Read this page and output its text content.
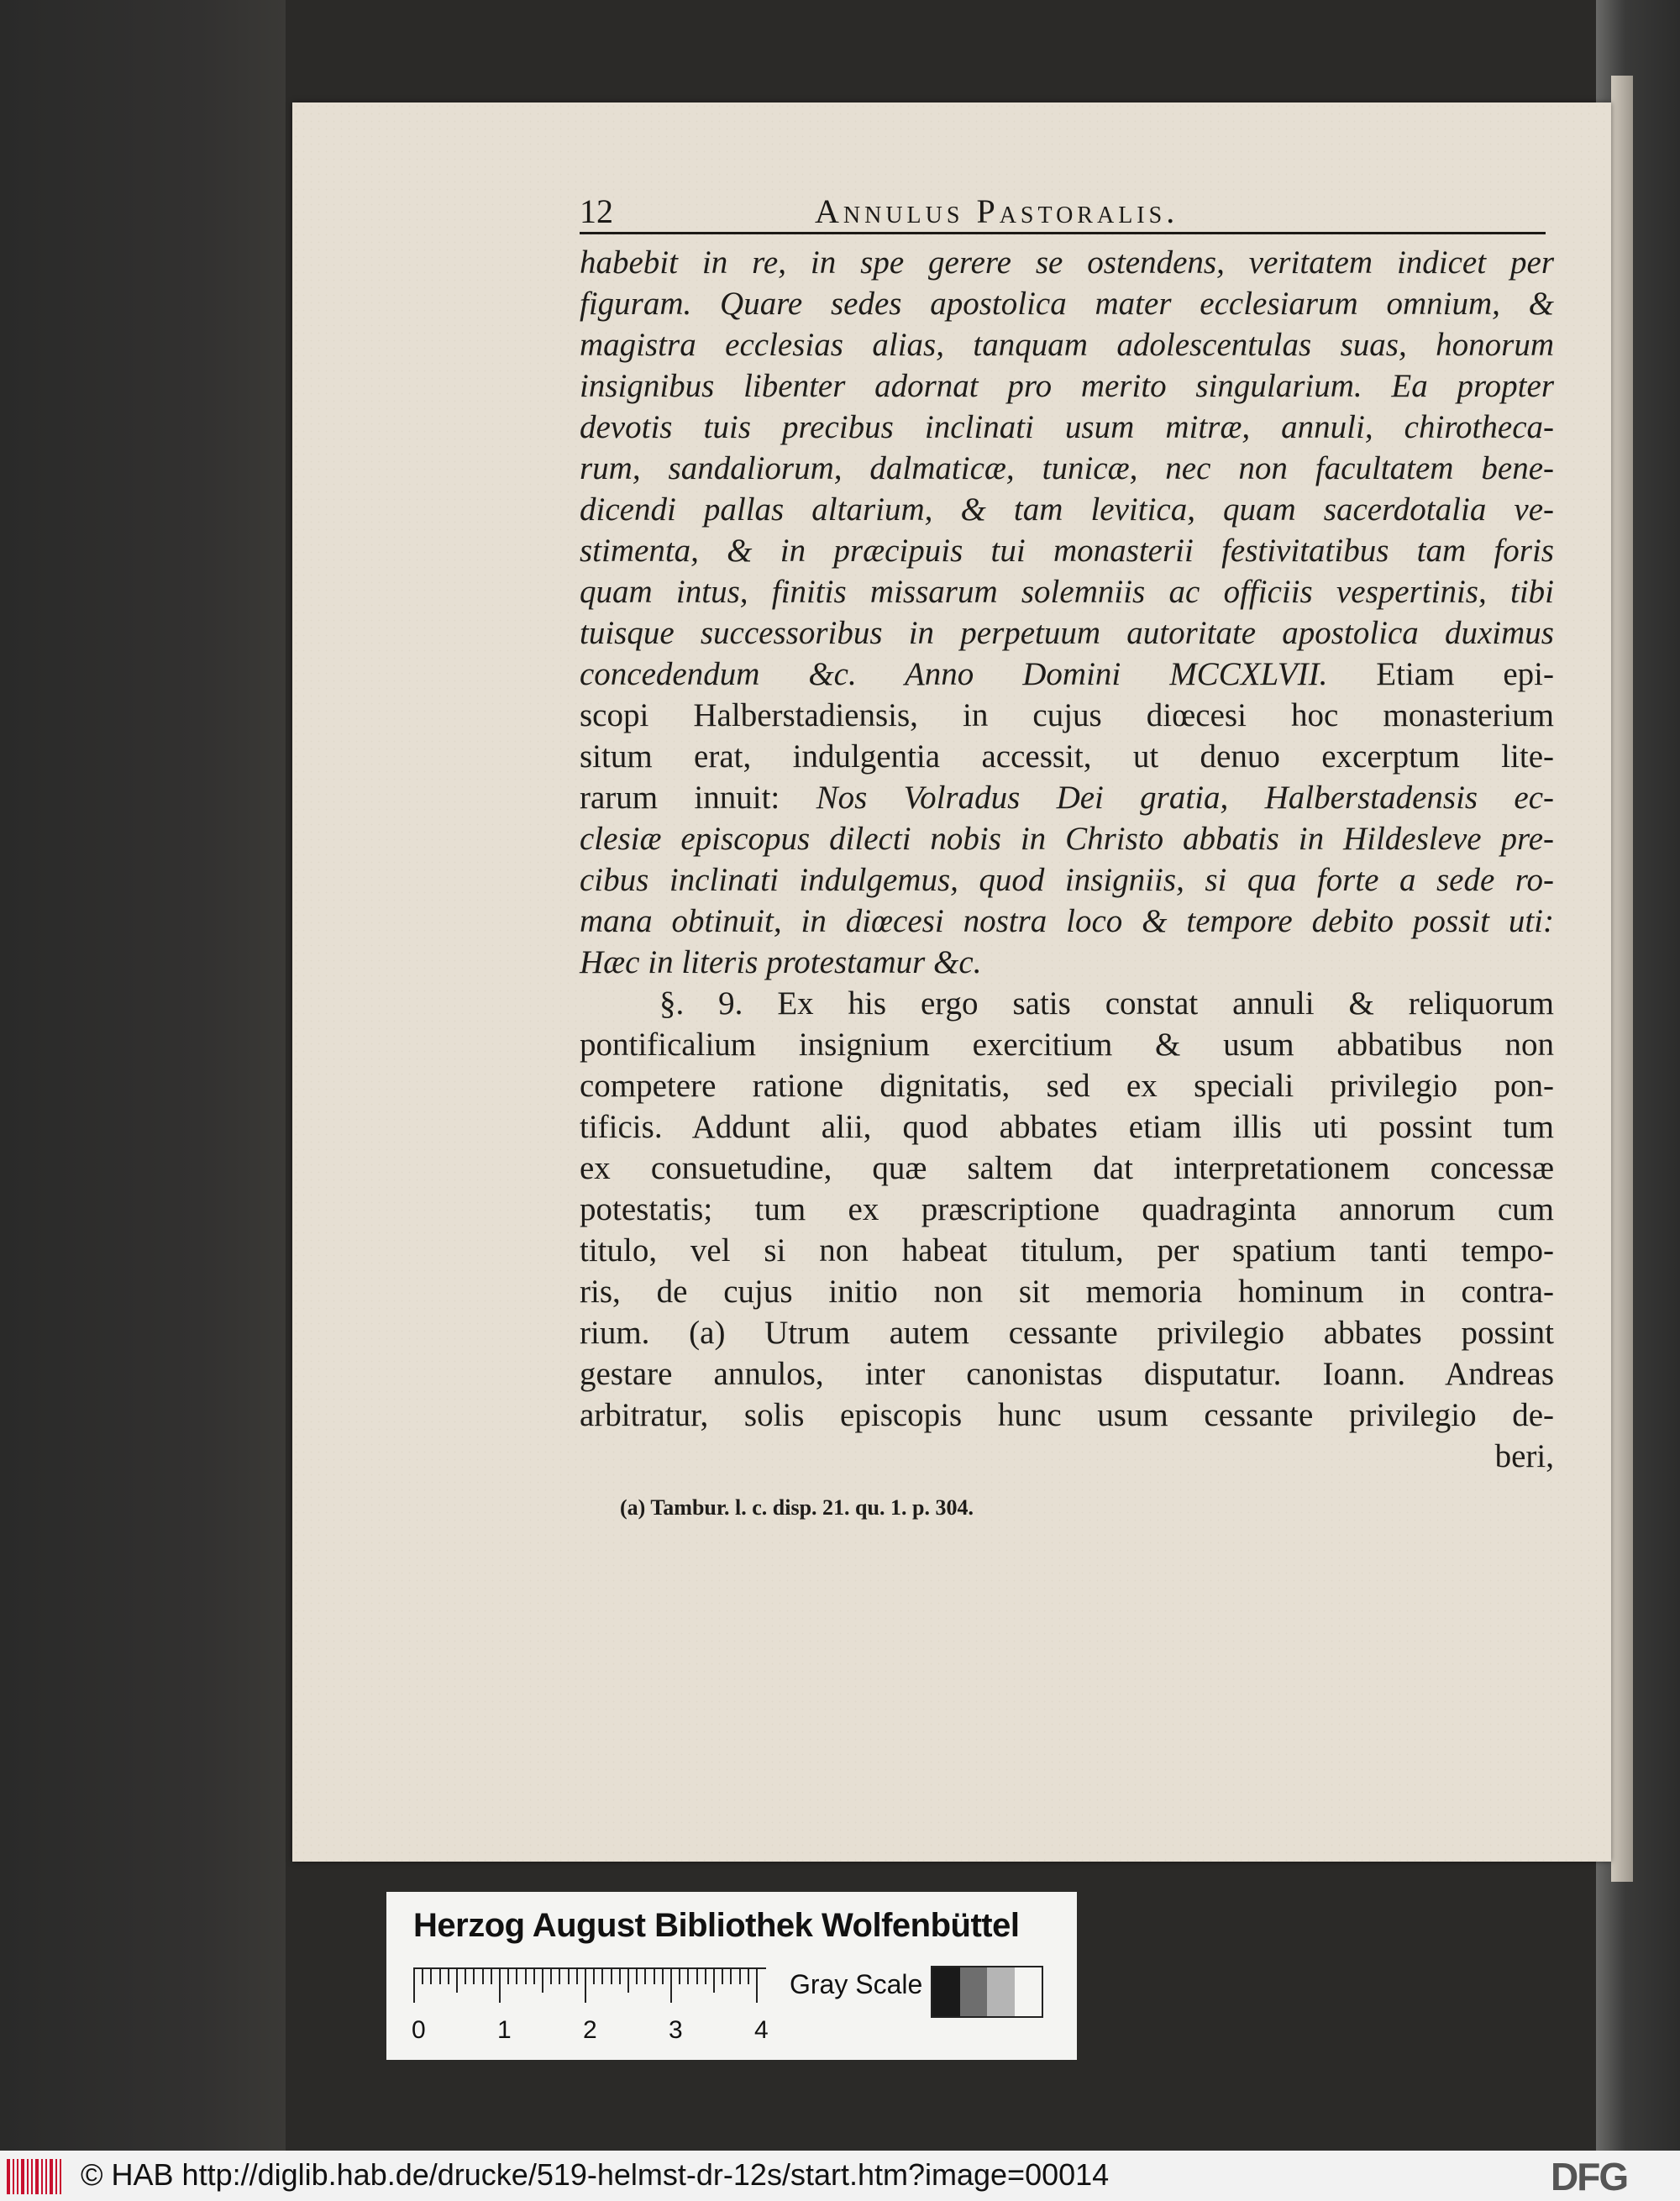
12	Annulus Pastoralis.
habebit in re, in spe gerere se ostendens, veritatem indicet per
figuram. Quare sedes apostolica mater ecclesiarum omnium, &
magistra ecclesias alias, tanquam adolescentulas suas, honorum
insignibus libenter adornat pro merito singularium. Ea propter
devotis tuis precibus inclinati usum mitræ, annuli, chirotheca-
rum, sandaliorum, dalmaticæ, tunicæ, nec non facultatem bene-
dicendi pallas altarium, & tam levitica, quam sacerdotalia ve-
stimenta, & in præcipuis tui monasterii festivitatibus tam foris
quam intus, finitis missarum solemniis ac officiis vespertinis, tibi
tuisque successoribus in perpetuum autoritate apostolica duximus
concedendum &c. Anno Domini MCCXLVII. Etiam epi-
scopi Halberstadiensis, in cujus diœcesi hoc monasterium
situm erat, indulgentia accessit, ut denuo excerptum lite-
rarum innuit: Nos Volradus Dei gratia, Halberstadensis ec-
clesiæ episcopus dilecti nobis in Christo abbatis in Hildesleve pre-
cibus inclinati indulgemus, quod insigniis, si qua forte a sede ro-
mana obtinuit, in diœcesi nostra loco & tempore debito possit uti:
Hæc in literis protestamur &c.
§. 9. Ex his ergo satis constat annuli & reliquorum
pontificalium insignium exercitium & usum abbatibus non
competere ratione dignitatis, sed ex speciali privilegio pon-
tificis. Addunt alii, quod abbates etiam illis uti possint tum
ex consuetudine, quæ saltem dat interpretationem concessæ
potestatis; tum ex præscriptione quadraginta annorum cum
titulo, vel si non habeat titulum, per spatium tanti tempo-
ris, de cujus initio non sit memoria hominum in contra-
rium. (a) Utrum autem cessante privilegio abbates possint
gestare annulos, inter canonistas disputatur. Ioann. Andreas
arbitratur, solis episcopis hunc usum cessante privilegio de-
beri,
(a) Tambur. l. c. disp. 21. qu. 1. p. 304.
Herzog August Bibliothek Wolfenbüttel
0	1	2	3	4
Gray Scale
© HAB http://diglib.hab.de/drucke/519-helmst-dr-12s/start.htm?image=00014	DFG
